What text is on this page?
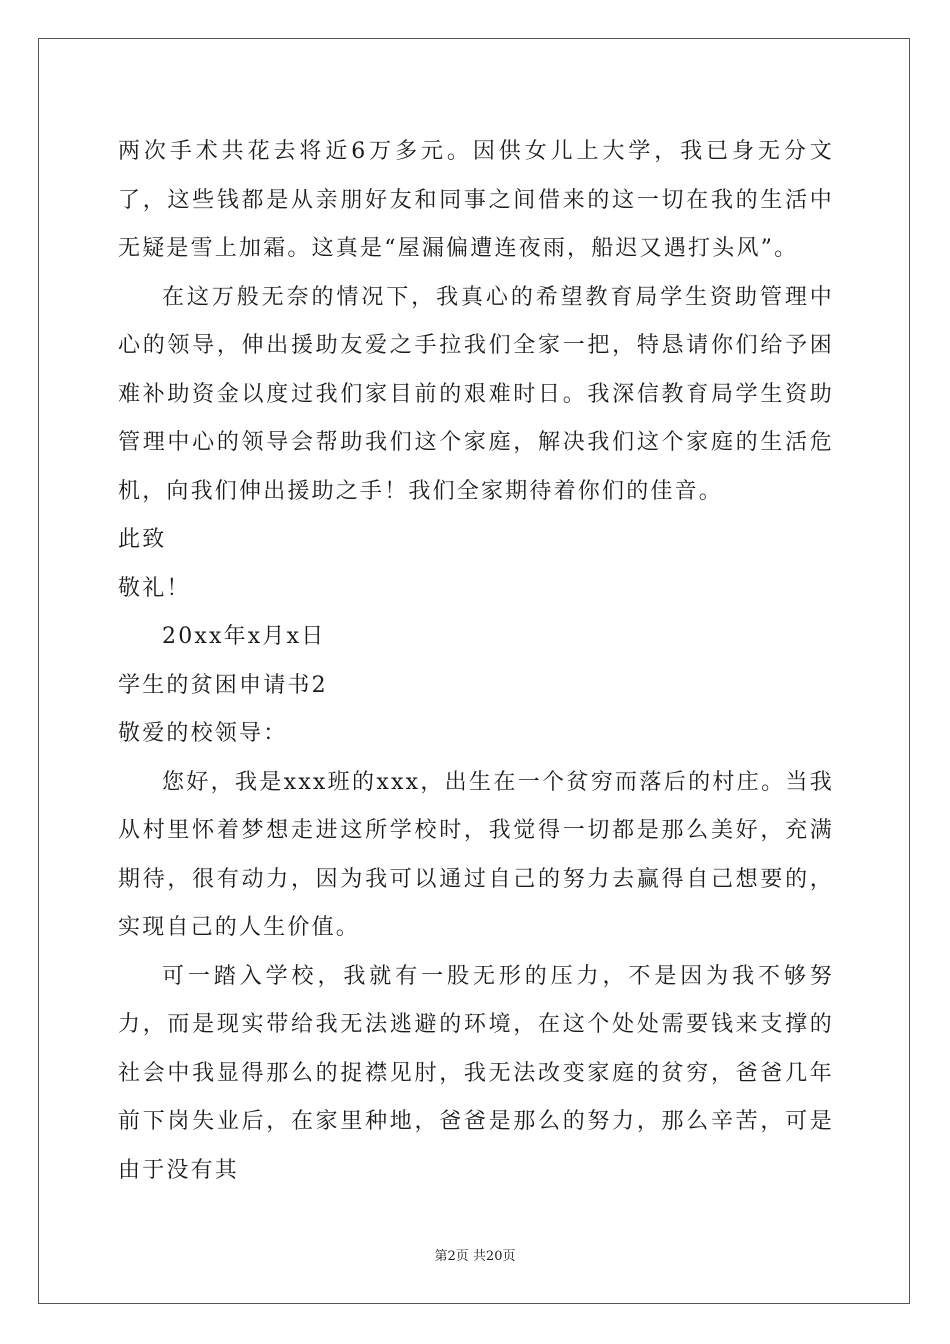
两次手术共花去将近6万多元。因供女儿上大学，我已身无分文了，这些钱都是从亲朋好友和同事之间借来的这一切在我的生活中无疑是雪上加霜。这真是“屋漏偏遭连夜雨，船迟又遇打头风”。

在这万般无奈的情况下，我真心的希望教育局学生资助管理中心的领导，伸出援助友爱之手拉我们全家一把，特恳请你们给予困难补助资金以度过我们家目前的艰难时日。我深信教育局学生资助管理中心的领导会帮助我们这个家庭，解决我们这个家庭的生活危机，向我们伸出援助之手！我们全家期待着你们的佳音。

此致

敬礼！

20xx年x月x日

学生的贫困申请书2

敬爱的校领导：

您好，我是xxx班的xxx，出生在一个贫穷而落后的村庄。当我从村里怀着梦想走进这所学校时，我觉得一切都是那么美好，充满期待，很有动力，因为我可以通过自己的努力去赢得自己想要的，实现自己的人生价值。

可一踏入学校，我就有一股无形的压力，不是因为我不够努力，而是现实带给我无法逃避的环境，在这个处处需要钱来支撑的社会中我显得那么的捉襟见肘，我无法改变家庭的贫穷，爸爸几年前下岗失业后，在家里种地，爸爸是那么的努力，那么辛苦，可是由于没有其

第2页 共20页
